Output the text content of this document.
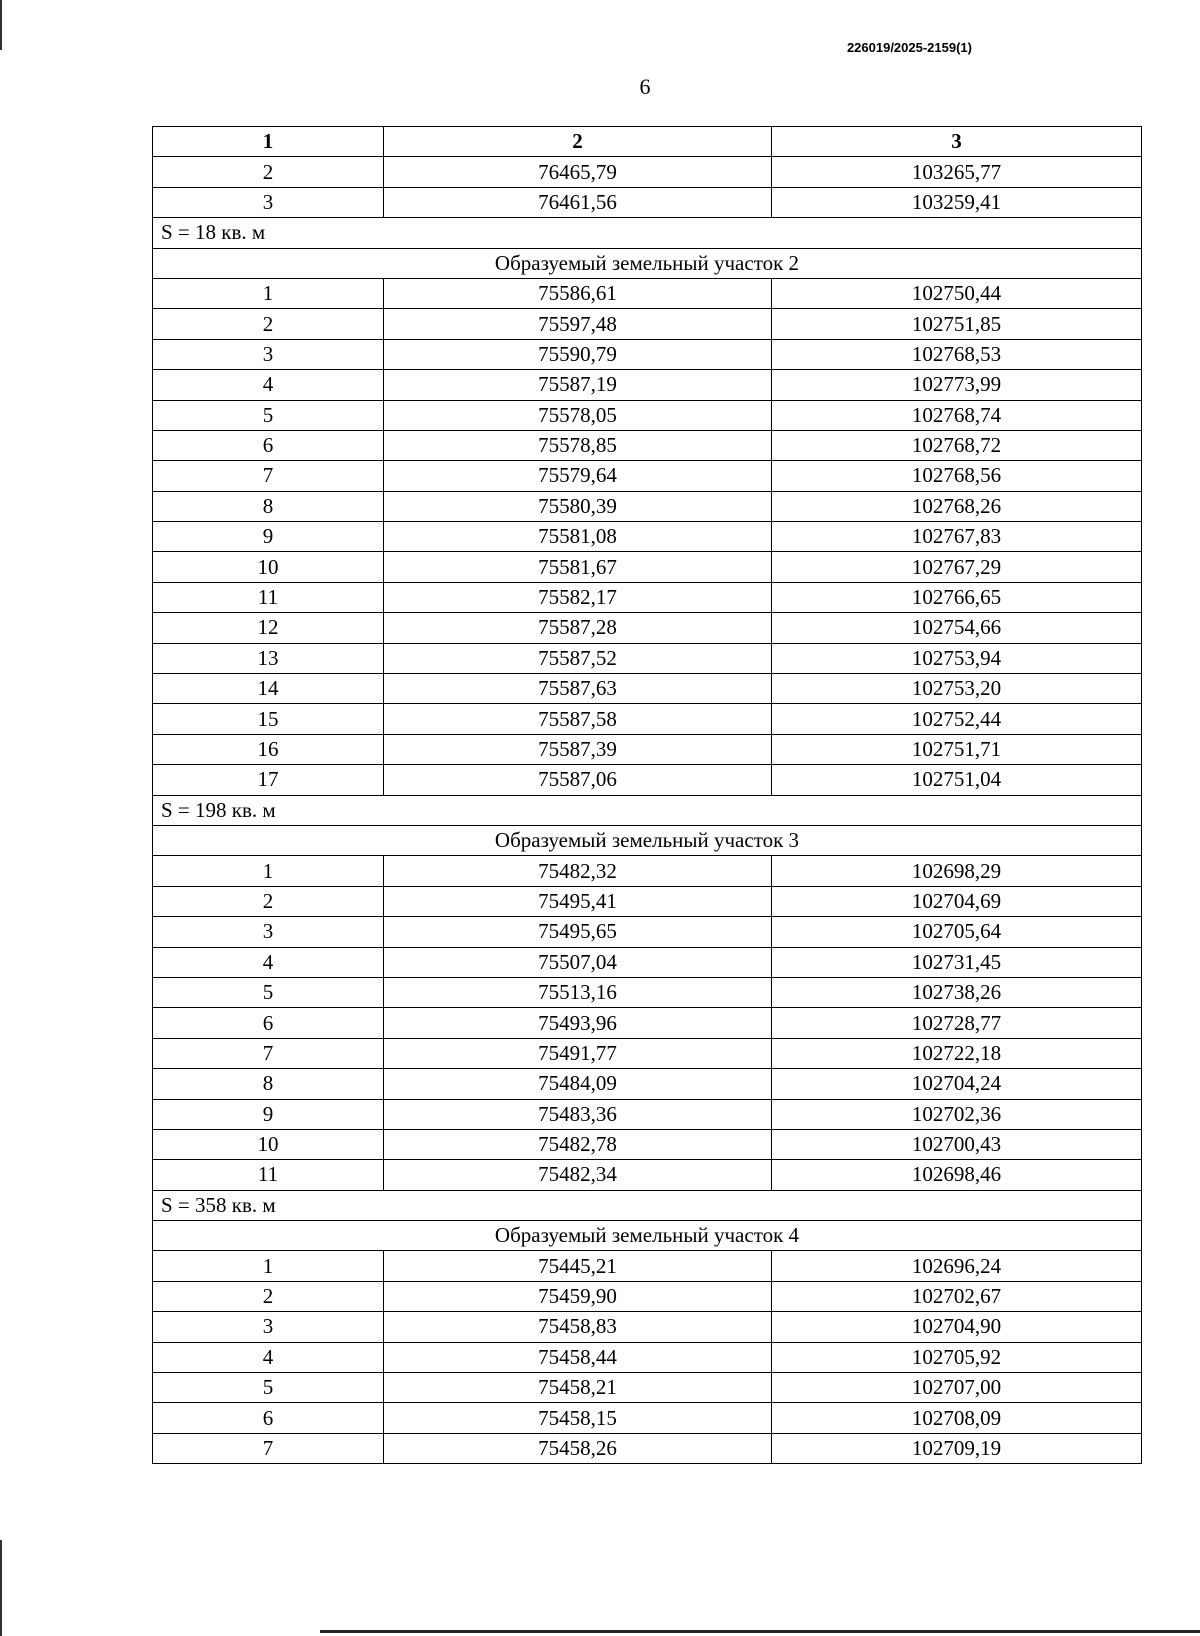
226019/2025-2159(1)
6
1	2	3
2	76465,79	103265,77
3	76461,56	103259,41
S = 18 кв. м		
Образуемый земельный участок 2		
1	75586,61	102750,44
2	75597,48	102751,85
3	75590,79	102768,53
4	75587,19	102773,99
5	75578,05	102768,74
6	75578,85	102768,72
7	75579,64	102768,56
8	75580,39	102768,26
9	75581,08	102767,83
10	75581,67	102767,29
11	75582,17	102766,65
12	75587,28	102754,66
13	75587,52	102753,94
14	75587,63	102753,20
15	75587,58	102752,44
16	75587,39	102751,71
17	75587,06	102751,04
S = 198 кв. м		
Образуемый земельный участок 3		
1	75482,32	102698,29
2	75495,41	102704,69
3	75495,65	102705,64
4	75507,04	102731,45
5	75513,16	102738,26
6	75493,96	102728,77
7	75491,77	102722,18
8	75484,09	102704,24
9	75483,36	102702,36
10	75482,78	102700,43
11	75482,34	102698,46
S = 358 кв. м		
Образуемый земельный участок 4		
1	75445,21	102696,24
2	75459,90	102702,67
3	75458,83	102704,90
4	75458,44	102705,92
5	75458,21	102707,00
6	75458,15	102708,09
7	75458,26	102709,19
